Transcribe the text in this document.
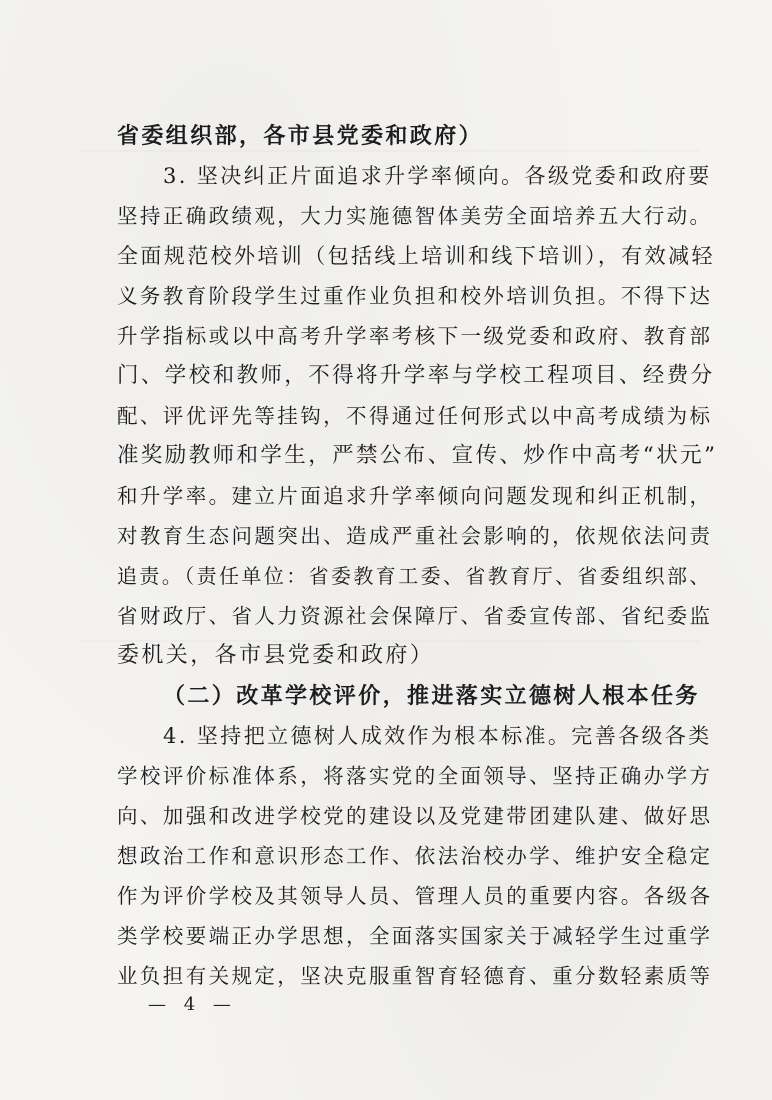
省委组织部，各市县党委和政府）
3. 坚决纠正片面追求升学率倾向。各级党委和政府要
坚持正确政绩观，大力实施德智体美劳全面培养五大行动。
全面规范校外培训（包括线上培训和线下培训），有效减轻
义务教育阶段学生过重作业负担和校外培训负担。不得下达
升学指标或以中高考升学率考核下一级党委和政府、教育部
门、学校和教师，不得将升学率与学校工程项目、经费分
配、评优评先等挂钩，不得通过任何形式以中高考成绩为标
准奖励教师和学生，严禁公布、宣传、炒作中高考“状元”
和升学率。建立片面追求升学率倾向问题发现和纠正机制，
对教育生态问题突出、造成严重社会影响的，依规依法问责
追责。（责任单位：省委教育工委、省教育厅、省委组织部、
省财政厅、省人力资源社会保障厅、省委宣传部、省纪委监
委机关，各市县党委和政府）
（二）改革学校评价，推进落实立德树人根本任务
4. 坚持把立德树人成效作为根本标准。完善各级各类
学校评价标准体系，将落实党的全面领导、坚持正确办学方
向、加强和改进学校党的建设以及党建带团建队建、做好思
想政治工作和意识形态工作、依法治校办学、维护安全稳定
作为评价学校及其领导人员、管理人员的重要内容。各级各
类学校要端正办学思想，全面落实国家关于减轻学生过重学
业负担有关规定，坚决克服重智育轻德育、重分数轻素质等
— 4 —
